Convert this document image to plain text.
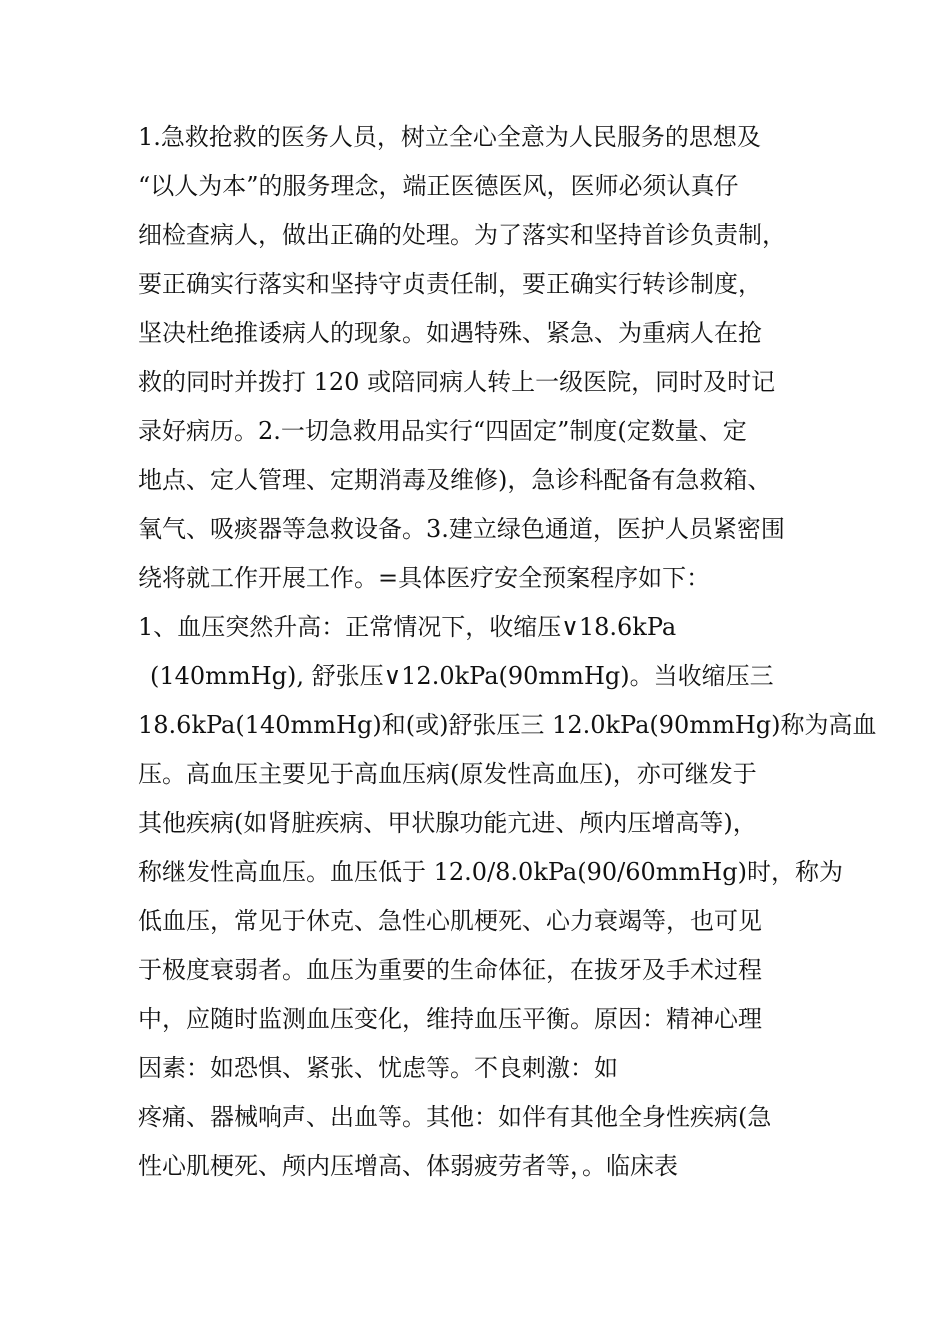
1.急救抢救的医务人员，树立全心全意为人民服务的思想及
“以人为本”的服务理念，端正医德医风，医师必须认真仔
细检查病人，做出正确的处理。为了落实和坚持首诊负责制，
要正确实行落实和坚持守贞责任制，要正确实行转诊制度，
坚决杜绝推诿病人的现象。如遇特殊、紧急、为重病人在抢
救的同时并拨打 120 或陪同病人转上一级医院，同时及时记
录好病历。2.一切急救用品实行“四固定”制度(定数量、定
地点、定人管理、定期消毒及维修)，急诊科配备有急救箱、
氧气、吸痰器等急救设备。3.建立绿色通道，医护人员紧密围
绕将就工作开展工作。=具体医疗安全预案程序如下：
1、血压突然升高：正常情况下，收缩压∨18.6kPa
(140mmHg), 舒张压∨12.0kPa(90mmHg)。当收缩压三
18.6kPa(140mmHg)和(或)舒张压三 12.0kPa(90mmHg)称为高血
压。高血压主要见于高血压病(原发性高血压)，亦可继发于
其他疾病(如肾脏疾病、甲状腺功能亢进、颅内压增高等)，
称继发性高血压。血压低于 12.0/8.0kPa(90/60mmHg)时，称为
低血压，常见于休克、急性心肌梗死、心力衰竭等，也可见
于极度衰弱者。血压为重要的生命体征，在拔牙及手术过程
中，应随时监测血压变化，维持血压平衡。原因：精神心理
因素：如恐惧、紧张、忧虑等。不良刺激：如
疼痛、器械响声、出血等。其他：如伴有其他全身性疾病(急
性心肌梗死、颅内压增高、体弱疲劳者等，。临床表
